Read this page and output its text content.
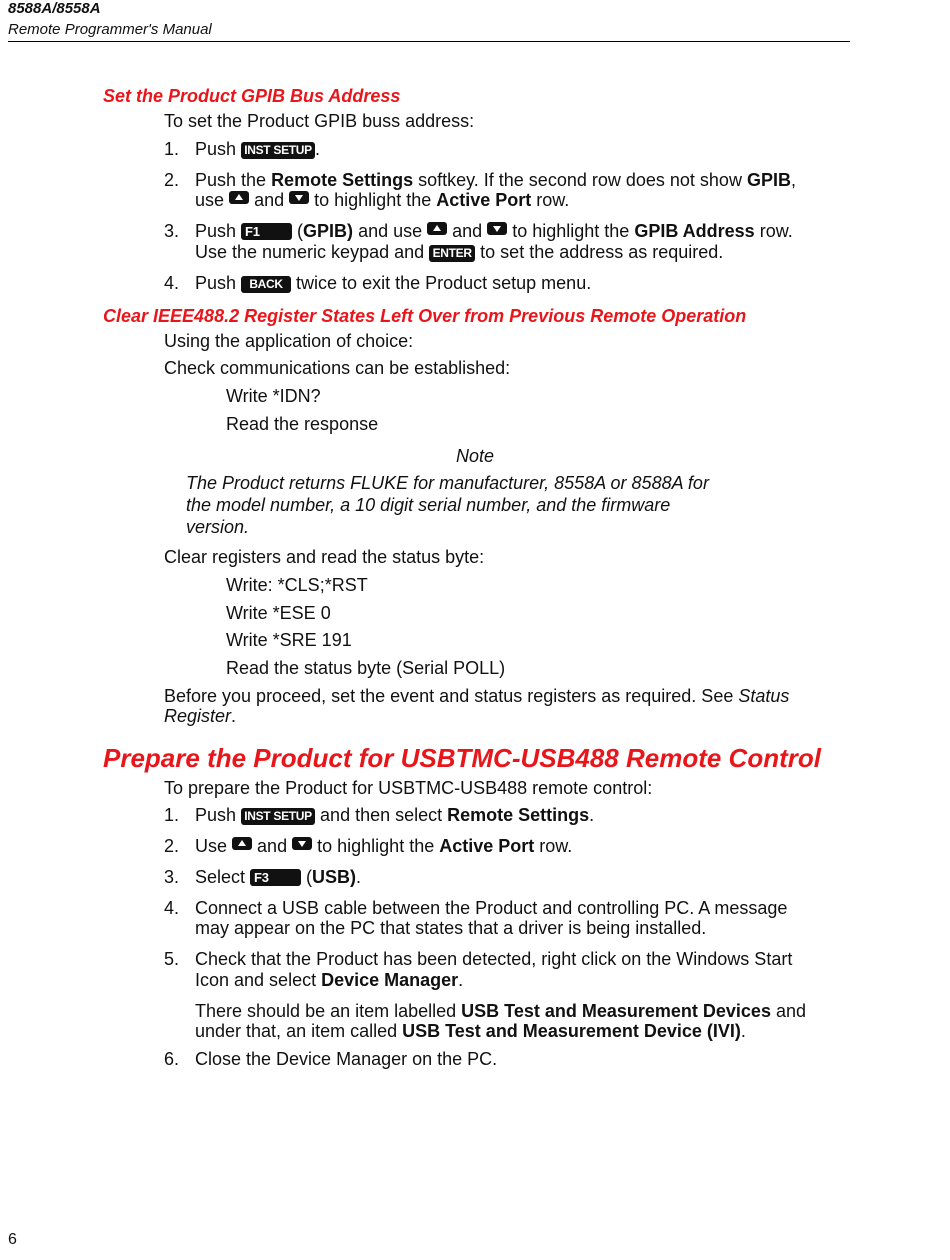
8588A/8558A
Remote Programmer's Manual
Set the Product GPIB Bus Address
To set the Product GPIB buss address:
1. Push INST SETUP .
2. Push the Remote Settings softkey. If the second row does not show GPIB,
use and to highlight the Active Port row.
3. Push F1 (GPIB) and use and to highlight the GPIB Address row.
Use the numeric keypad and ENTER to set the address as required.
4. Push BACK twice to exit the Product setup menu.
Clear IEEE488.2 Register States Left Over from Previous Remote Operation
Using the application of choice:
Check communications can be established:
Write *IDN?
Read the response
Note
The Product returns FLUKE for manufacturer, 8558A or 8588A for
the model number, a 10 digit serial number, and the firmware
version.
Clear registers and read the status byte:
Write: *CLS;*RST
Write *ESE 0
Write *SRE 191
Read the status byte (Serial POLL)
Before you proceed, set the event and status registers as required. See Status
Register.
Prepare the Product for USBTMC-USB488 Remote Control
To prepare the Product for USBTMC-USB488 remote control:
1. Push INST SETUP and then select Remote Settings.
2. Use and to highlight the Active Port row.
3. Select F3 (USB).
4. Connect a USB cable between the Product and controlling PC. A message
may appear on the PC that states that a driver is being installed.
5. Check that the Product has been detected, right click on the Windows Start
Icon and select Device Manager.
There should be an item labelled USB Test and Measurement Devices and
under that, an item called USB Test and Measurement Device (IVI).
6. Close the Device Manager on the PC.
6
